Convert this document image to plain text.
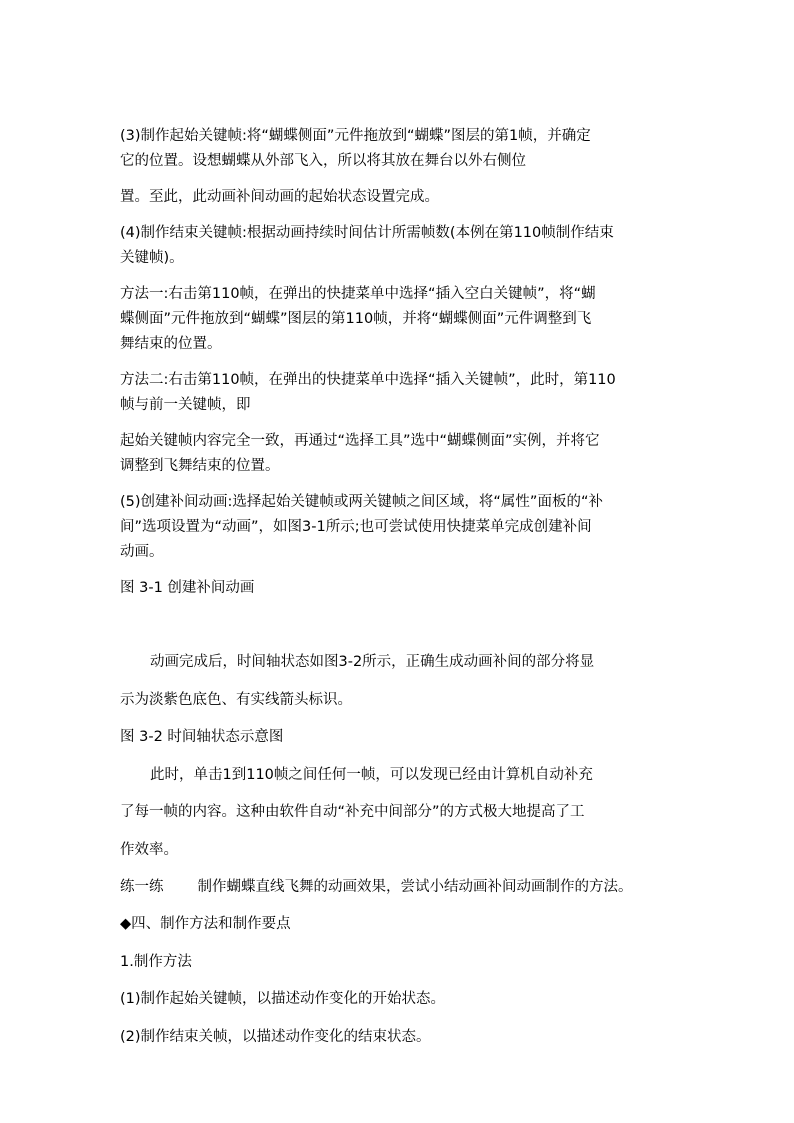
(3)制作起始关键帧:将“蝴蝶侧面”元件拖放到“蝴蝶”图层的第1帧，并确定
它的位置。设想蝴蝶从外部飞入，所以将其放在舞台以外右侧位
置。至此，此动画补间动画的起始状态设置完成。
(4)制作结束关键帧:根据动画持续时间估计所需帧数(本例在第110帧制作结束
关键帧)。
方法一:右击第110帧，在弹出的快捷菜单中选择“插入空白关键帧”，将“蝴
蝶侧面”元件拖放到“蝴蝶”图层的第110帧，并将“蝴蝶侧面”元件调整到飞
舞结束的位置。
方法二:右击第110帧，在弹出的快捷菜单中选择“插入关键帧”，此时，第110
帧与前一关键帧，即
起始关键帧内容完全一致，再通过“选择工具”选中“蝴蝶侧面”实例，并将它
调整到飞舞结束的位置。
(5)创建补间动画:选择起始关键帧或两关键帧之间区域，将“属性”面板的“补
间”选项设置为“动画”，如图3-1所示;也可尝试使用快捷菜单完成创建补间
动画。
图 3-1 创建补间动画
动画完成后，时间轴状态如图3-2所示，正确生成动画补间的部分将显
示为淡紫色底色、有实线箭头标识。
图 3-2 时间轴状态示意图
此时，单击1到110帧之间任何一帧，可以发现已经由计算机自动补充
了每一帧的内容。这种由软件自动“补充中间部分”的方式极大地提高了工
作效率。
练一练 制作蝴蝶直线飞舞的动画效果，尝试小结动画补间动画制作的方法。
◆四、制作方法和制作要点
1.制作方法
(1)制作起始关键帧，以描述动作变化的开始状态。
(2)制作结束关帧，以描述动作变化的结束状态。
